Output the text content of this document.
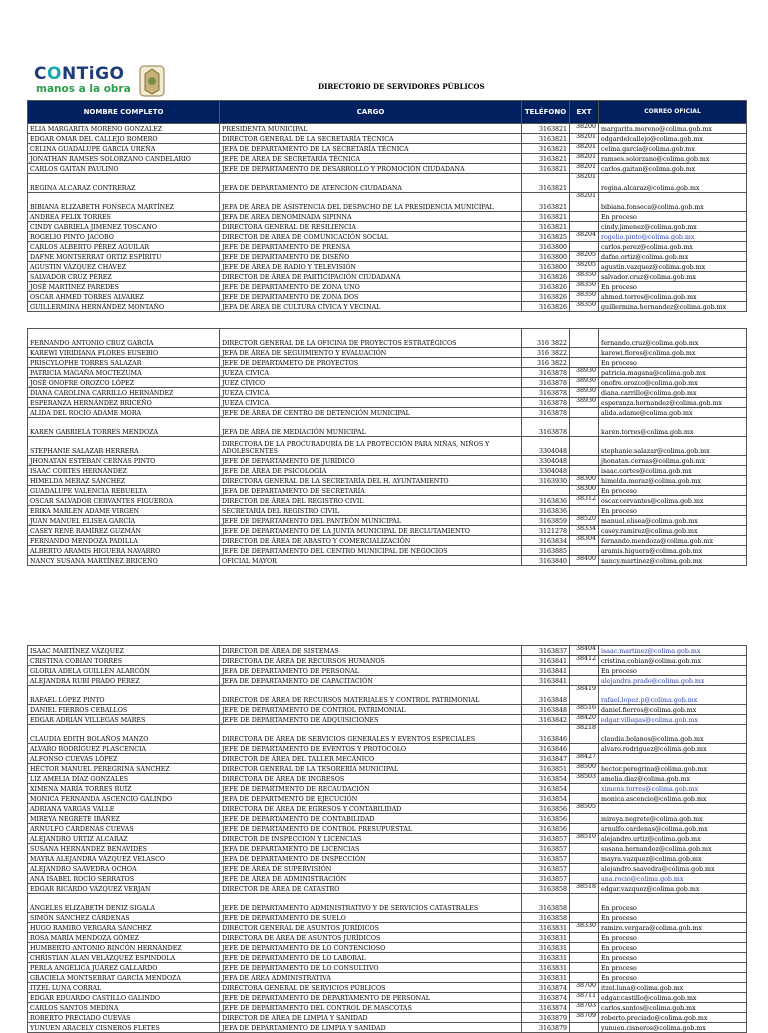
CONTiGO
manos a la obra	DIRECTORIO DE SERVIDORES PÚBLICOS
NOMBRE COMPLETO	CARGO	TELÉFONO	EXT	CORREO OFICIAL
ELIA MARGARITA MORENO GONZALEZ	PRESIDENTA MUNICIPAL	3163821	38200	margarita.moreno@colima.gob.mx
EDGAR OMAR DEL CALLEJO ROMERO	DIRECTOR GENERAL DE LA SECRETARÍA TÉCNICA	3163821	38201	edgardelcallejo@colima.gob.mx
CELINA GUADALUPE GARCIA UREÑA	JEFA DE DEPARTAMENTO DE LA SECRETARÍA TÉCNICA	3163821	38201	celina.garcia@colima.gob.mx
JONATHAN RAMSES SOLORZANO CANDELARIO	JEFE DE AREA DE SECRETARÍA TÉCNICA	3163821	38201	ramses.solorzano@colima.gob.mx
CARLOS GAITAN PAULINO	JEFE DE DEPARTAMENTO DE DESARROLLO Y PROMOCIÓN CIUDADANA	3163821	38201	carlos.gaitan@colima.gob.mx
REGINA ALCARAZ CONTRERAZ	JEFA DE DEPARTAMENTO DE ATENCION CIUDADANA	3163821	38201	regina.alcaraz@colima.gob.mx
BIBIANA ELIZABETH FONSECA MARTÍNEZ	JEFA DE ÁREA DE ASISTENCIA DEL DESPACHO DE LA PRESIDENCIA MUNICIPAL	3163821	38201	bibiana.fonseca@colima.gob.mx
ANDREA FELIX TORRES	JEFA DE AREA DENOMINADA SIPINNA	3163821		En proceso
CINDY GABRIELA JIMENEZ TOSCANO	DIRECTORA GENERAL DE RESILIENCIA	3163821		cindy.jimenez@colima.gob.mx
ROGELIO PINTO JACOBO	DIRECTOR DE AREA DE COMUNICACIÓN SOCIAL	3163825	38204	rogelio.pinto@colima.gob.mx
CARLOS ALBERTO PÉREZ AGUILAR	JEFE DE DEPARTAMENTO DE PRENSA	3163800		carlos.perez@colima.gob.mx
DAFNE MONTSERRAT ORTIZ ESPÍRITU	JEFE DE DEPARTAMENTO DE DISEÑO	3163800	38205	dafne.ortiz@colima.gob.mx
AGUSTIN VÁZQUEZ CHÁVEZ	JEFE DE ÁREA DE RADIO Y TELEVISIÓN	3163800	38205	agustin.vazquez@colima.gob.mx
SALVADOR CRUZ PÉREZ	DIRECTOR DE ÁREA DE PARTICIPACIÓN CIUDADANA	3163826	38350	salvador.cruz@colima.gob.mx
JOSÉ MARTÍNEZ PAREDES	JEFE DE DEPARTAMENTO DE ZONA UNO	3163826	38350	En proceso
OSCAR AHMED TORRES ALVAREZ	JEFE DE DEPARTAMENTO DE ZONA DOS	3163826	38350	ahmed.torres@colima.gob.mx
GUILLERMINA HERNÁNDEZ MONTAÑO	JEFA DE ÁREA DE CULTURA CÍVICA Y VECINAL	3163826	38350	guillermina.hernandez@colima.gob.mx

FERNANDO ANTONIO CRUZ GARCÍA	DIRECTOR GENERAL DE LA OFICINA DE PROYECTOS ESTRATÉGICOS	316 3822		fernando.cruz@colima.gob.mx
KAREWI VIRIDIANA FLORES EUSEBIO	JEFA DE ÁREA DE SEGUIMIENTO Y EVALUACIÓN	316 3822		karewi.flores@colima.gob.mx
PRISCYLOPHE TORRES SALAZAR	JEFE DE DEPARTAMETO DE PROYECTOS	316 3822		En proceso
PATRICIA MAGAÑA MOCTEZUMA	JUEZA CIVICA	3163878	38930	patricia.magana@colima.gob.mx
JOSÉ ONOFRE OROZCO LÓPEZ	JUEZ CÍVICO	3163878	38930	onofre.orozco@colima.gob.mx
DIANA CAROLINA CARRILLO HERNÁNDEZ	JUEZA CIVICA	3163878	38930	diana.carrillo@colima.gob.mx
ESPERANZA HERNÁNDEZ BRICEÑO	JUEZA CIVICA	3163878	38930	esperanza.hernandez@colima.gob.mx
ALIDA DEL ROCÍO ADAME MORA	JEFE DE ÁREA DE CENTRO DE DETENCIÓN MUNICIPAL	3163878		alida.adame@colima.gob.mx
KAREN GABRIELA TORRES MENDOZA	JEFA DE ÁREA DE MEDIACIÓN MUNICIPAL	3163878		karen.torres@colima.gob.mx
STEPHANIE SALAZAR HERRERA	DIRECTORA DE LA PROCURADURÍA DE LA PROTECCIÓN PARA NIÑAS, NIÑOS Y ADOLESCENTES	3304048		stephanie.salazar@colima.gob.mx
JHONATAN ESTEBAN CERNAS PINTO	JEFE DE DEPARTAMENTO DE JURÍDICO	3304048		jhonatan.cernas@colima.gob.mx
ISAAC CORTES HERNÁNDEZ	JEFE DE ÁREA DE PSICOLOGÍA	3304048		isaac.cortes@colima.gob.mx
HIMELDA MERAZ SÁNCHEZ	DIRECTORA GENERAL DE LA SECRETARÍA DEL H. AYUNTAMIENTO	3163930	38300	himelda.meraz@colima.gob.mx
GUADALUPE VALENCIA REBUELTA	JEFA DE DEPARTAMENTO DE SECRETARÍA		38300	En proceso
OSCAR SALVADOR CERVANTES FIGUEROA	DIRECTOR DE ÁREA DEL REGISTRO CIVIL	3163836	38312	oscar.cervantes@colima.gob.mx
ERIKA MARLEN ADAME VIRGEN	SECRETARÍA DEL REGISTRO CIVIL	3163836		En proceso
JUAN MANUEL ELISEA GARCÍA	JEFE DE DEPARTAMENTO DEL PANTEÓN MUNICIPAL	3163859	38520	manuel.elisea@colima.gob.mx
CASEY RENÉ RAMÍREZ GUZMÁN	JEFE DE DEPARTAMENTO DE LA JUNTA MUNICIPAL DE RECLUTAMIENTO	3121278	38334	casey.ramirez@colima.gob.mx
FERNANDO MENDOZA PADILLA	DIRECTOR DE ÁREA DE ABASTO Y COMERCIALIZACIÓN	3163834	38304	fernando.mendoza@colima.gob.mx
ALBERTO ARAMIS HIGUERA NAVARRO	JEFE DE DEPARTAMENTO DEL CENTRO MUNICIPAL DE NEGOCIOS	3163885		aramis.higuera@colima.gob.mx
NANCY SUSANA MARTÍNEZ BRICEÑO	OFICIAL MAYOR	3163840	38400	nancy.martinez@colima.gob.mx
ISAAC MARTÍNEZ VÁZQUEZ	DIRECTOR DE ÁREA DE SISTEMAS	3163837	38404	isaac.martinez@colima.gob.mx
CRISTINA COBIÁN TORRES	DIRECTORA DE ÁREA DE RECURSOS HUMANOS	3163841	38412	cristina.cobian@colima.gob.mx
GLORIA ADELA GUILLÉN ALARCÓN	JEFA DE DEPARTAMENTO DE PERSONAL	3163841		En proceso
ALEJANDRA RUBÍ PRADO PÉREZ	JEFA DE DEPARTAMENTO DE CAPACITACIÓN	3163841		alejandra.prado@colima.gob.mx
RAFAEL LÓPEZ PINTO	DIRECTOR DE ÁREA DE RECURSOS MATERIALES Y CONTROL PATRIMONIAL	3163848	38419	rafael.lopez.p@colima.gob.mx
DANIEL FIERROS CEBALLOS	JEFE DE DEPARTAMENTO DE CONTROL PATRIMONIAL	3163848	38516	daniel.fierros@colima.gob.mx
EDGAR ADRIÁN VILLEGAS MARES	JEFE DE DEPARTAMENTO DE ADQUISICIONES	3163842	38420	edgar.villegas@colima.gob.mx
CLAUDIA EDITH BOLAÑOS MANZO	DIRECTORA DE ÁREA DE SERVICIOS GENERALES Y EVENTOS ESPECIALES	3163846	38218	claudia.bolanos@colima.gob.mx
ALVARO RODRÍGUEZ PLASCENCIA	JEFE DE DEPARTAMENTO DE EVENTOS Y PROTOCOLO	3163846		alvaro.rodriguez@colima.gob.mx
ALFONSO CUEVAS LÓPEZ	DIRECTOR DE ÁREA DEL TALLER MECÁNICO	3163847	38427	
HÉCTOR MANUEL PEREGRINA SÁNCHEZ	DIRECTOR GENERAL DE LA TESORERÍA MUNICIPAL	3163851	38500	hector.peregrina@colima.gob.mx
LIZ AMELIA DÍAZ GONZALES	DIRECTORA DE ÁREA DE INGRESOS	3163854	38503	amelia.diaz@colima.gob.mx
XIMENA MARÍA TORRES RUÍZ	JEFE DE DEPARTMENTO DE RECAUDACIÓN	3163854		ximena.torres@colima.gob.mx
MONICA FERNANDA ASCENCIO GALINDO	JEFA DE DEPARTMENTO DE EJECUCIÓN	3163854		monica.ascencio@colima.gob.mx
ADRIANA VARGAS VALLE	DIRECTORA DE ÁREA DE EGRESOS Y CONTABILIDAD	3163856	38505	
MIREYA NEGRETE IBÁÑEZ	JEFE DE DEPARTAMENTO DE CONTABILIDAD	3163856		mireya.negrete@colima.gob.mx
ARNULFO CÁRDENAS CUEVAS	JEFE DE DEPARTAMENTO DE CONTROL PRESUPUESTAL	3163856		arnulfo.cardenas@colima.gob.mx
ALEJANDRO URTIZ ALCARAZ	DIRECTOR DE INSPECCION Y LICENCIAS	3163857	38510	alejandro.urtiz@colima.gob.mx
SUSANA HERNÁNDEZ BENAVIDES	JEFA DE DEPARTAMENTO DE LICENCIAS	3163857		susana.hernandez@colima.gob.mx
MAYRA ALEJANDRA VÁZQUEZ VELASCO	JEFA DE DEPARTAMENTO DE INSPECCIÓN	3163857		mayra.vazquez@colima.gob.mx
ALEJANDRO SAAVEDRA OCHOA	JEFE DE ÁREA DE SUPERVISIÓN	3163857		alejandro.saavedra@colima.gob.mx
ANA ISABEL ROCÍO SERRATOS	JEFE DE ÁREA DE ADMINISTRACIÓN	3163857		ana.rocio@colima.gob.mx
EDGAR RICARDO VÁZQUEZ VERJAN	DIRECTOR DE ÁREA DE CATASTRO	3163858	38518	edgar.vazquez@colima.gob.mx
ÁNGELES ELIZABETH DENIZ SIGALA	JEFE DE DEPARTAMENTO ADMINISTRATIVO Y DE SERVICIOS CATASTRALES	3163858		En proceso
SIMÓN SÁNCHEZ CÁRDENAS	JEFE DE DEPARTAMENTO DE SUELO	3163858		En proceso
HUGO RAMIRO VERGARA SÁNCHEZ	DIRECTOR GENERAL DE ASUNTOS JURÍDICOS	3163831	38330	ramiro.vergara@colima.gob.mx
ROSA MARÍA MENDOZA GÓMEZ	DIRECTORA DE ÁREA DE ASUNTOS JURÍDICOS	3163831		En proceso
HUMBERTO ANTONIO RINCÓN HERNÁNDEZ	JEFE DE DEPARTAMENTO DE LO CONTENCIOSO	3163831		En proceso
CHRISTIAN ALAN VELÁZQUEZ ESPINDOLA	JEFE DE DEPARTAMENTO DE LO LABORAL	3163831		En proceso
PERLA ANGÉLICA JUÁREZ GALLARDO	JEFE DE DEPARTAMENTO DE LO CONSULTIVO	3163831		En proceso
GRACIELA MONTSERRAT GARCÍA MENDOZA	JEFA DE ÁREA ADMINISTRATIVA	3163831		En proceso
ITZEL LUNA CORRAL	DIRECTORA GENERAL DE SERVICIOS PÚBLICOS	3163874	38700	itzel.luna@colima.gob.mx
EDGAR EDUARDO CASTILLO GALINDO	JEFE DE DEPARTAMENTO DE DEPARTAMENTO DE PERSONAL	3163874	38711	edgar.castillo@colima.gob.mx
CARLOS SANTOS MEDINA	JEFE DE DEPARTAMENTO DEL CONTROL DE MASCOTAS	3163874	38703	carlos.santos@colima.gob.mx
ROBERTO PRECIADO CUEVAS	DIRECTOR DE ÁREA DE LIMPIA Y SANIDAD	3163879	38709	roberto.preciado@colima.gob.mx
YUNUEN ARACELY CISNEROS FLETES	JEFA DE DEPARTAMENTO DE LIMPIA Y SANIDAD	3163879		yunuen.cisneros@colima.gob.mx
